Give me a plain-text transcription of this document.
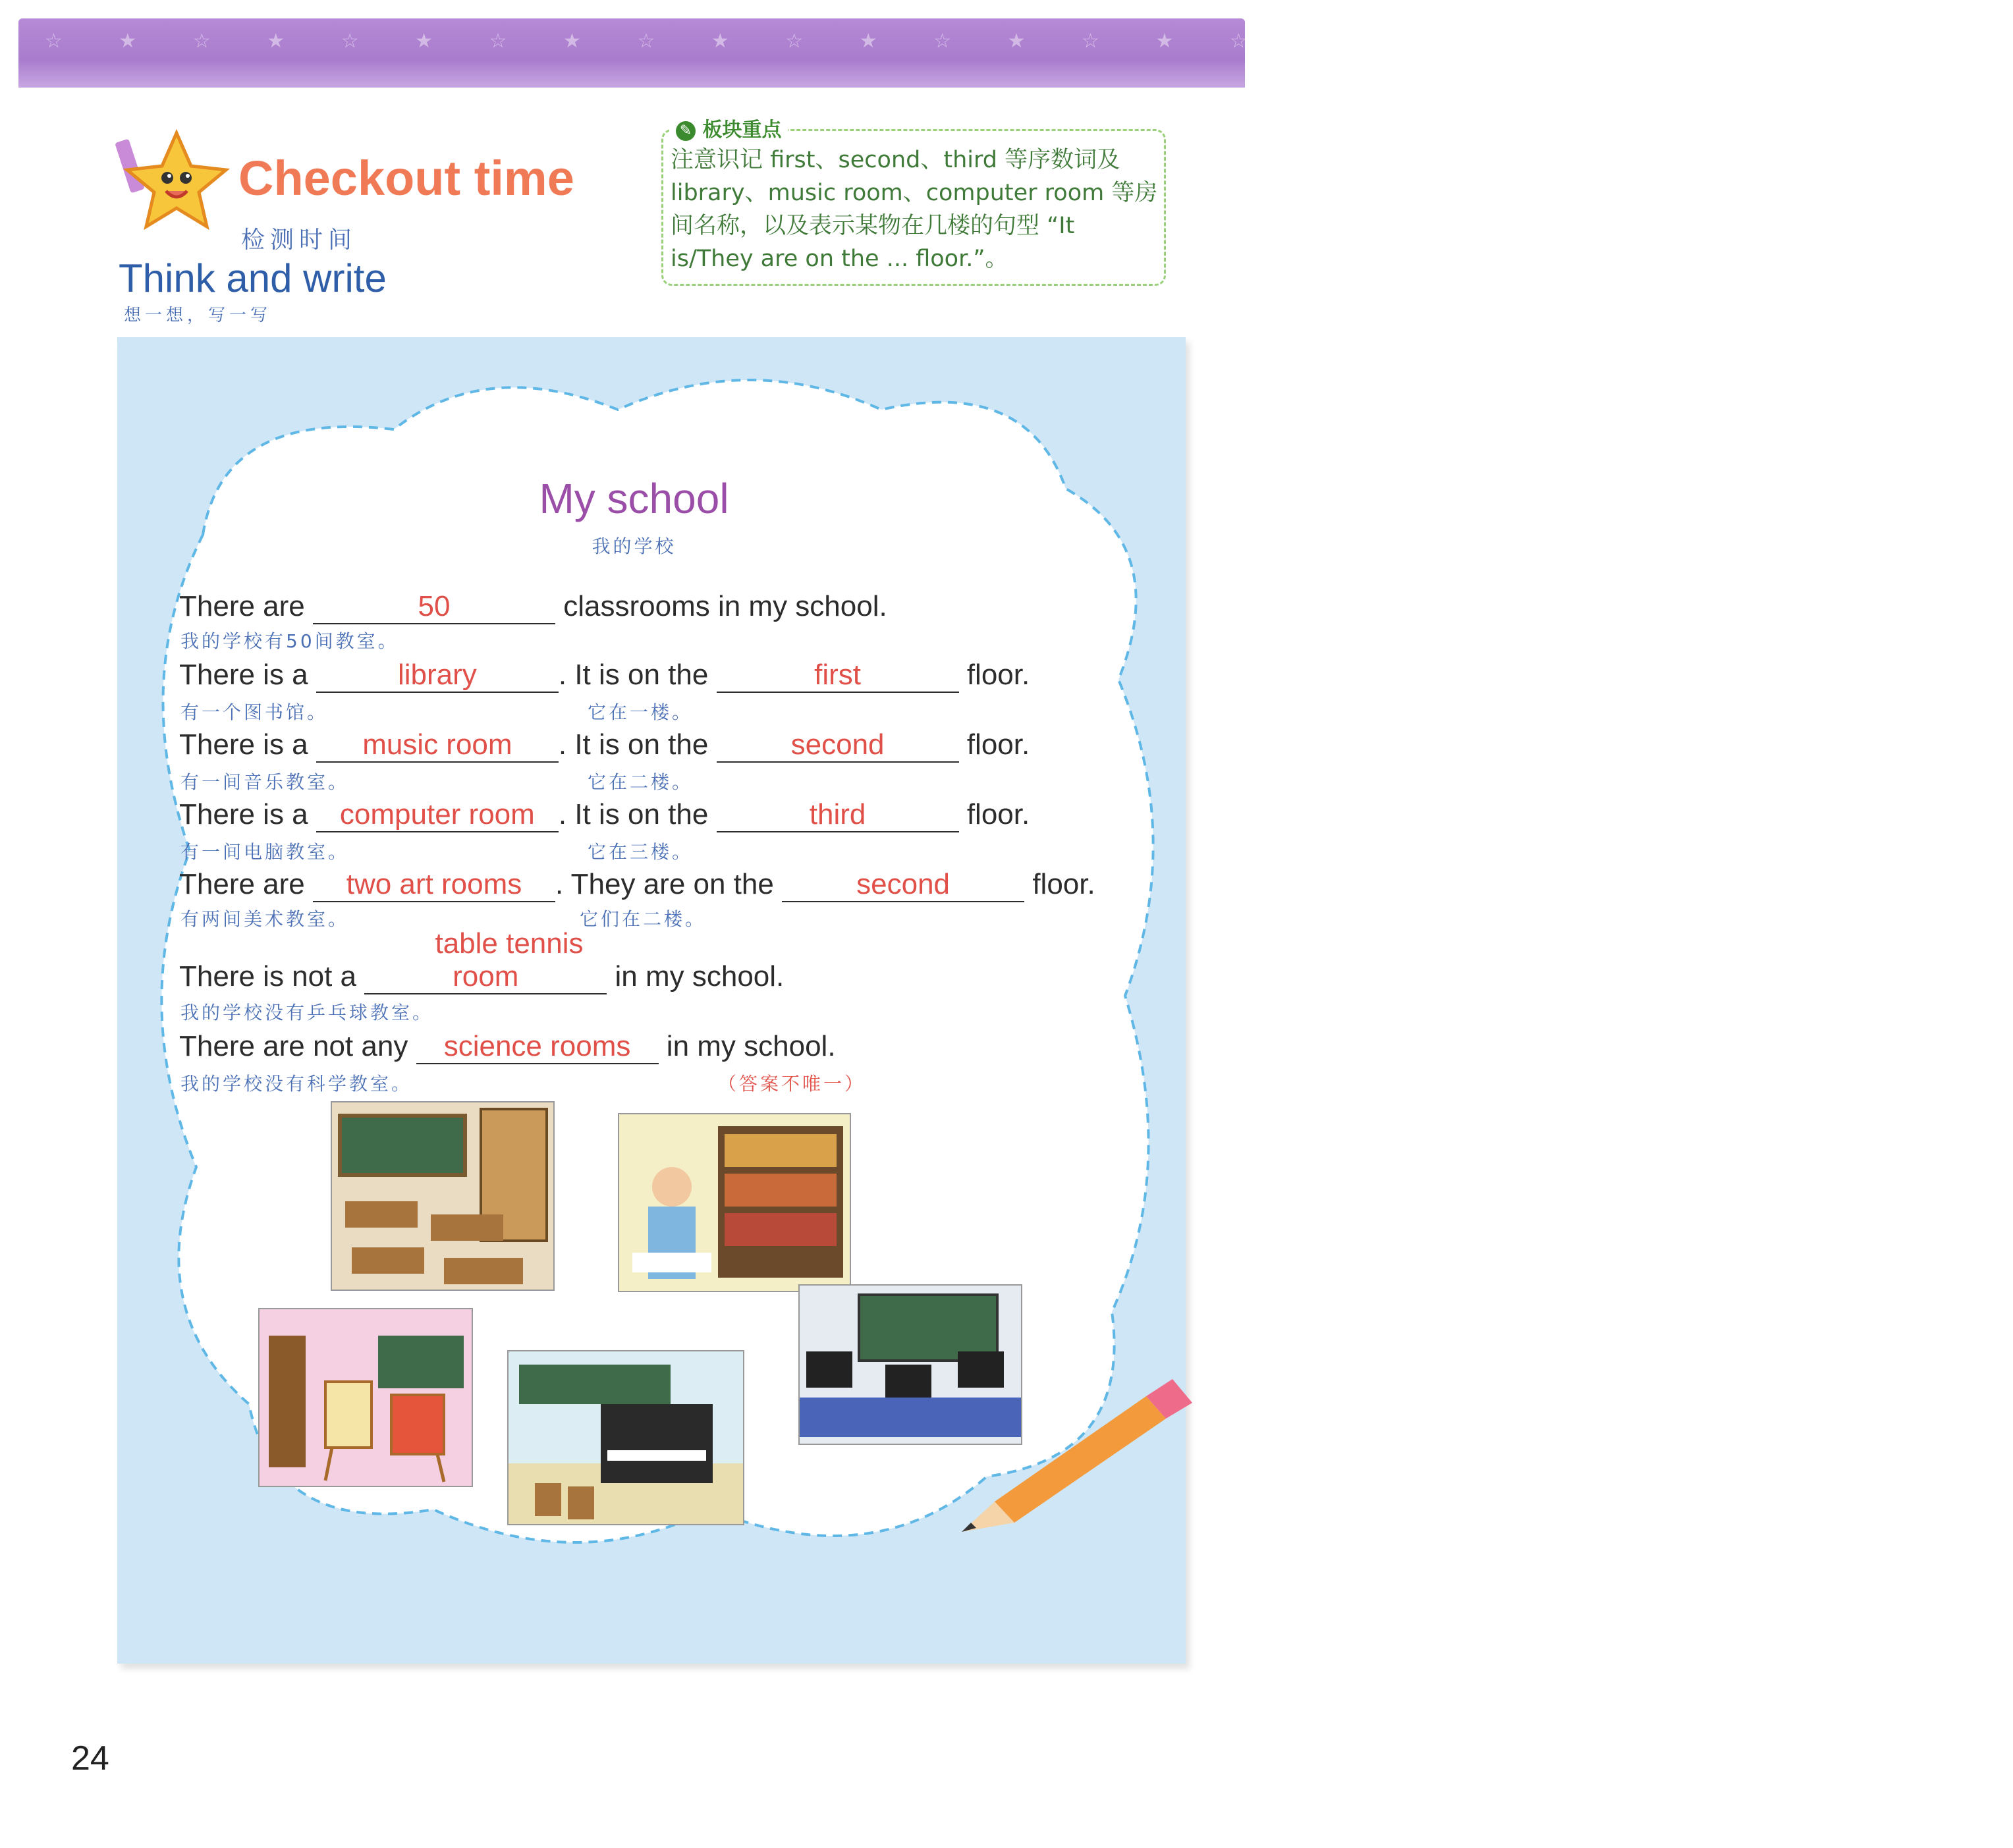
☆ ★ ☆ ★ ☆ ★ ☆ ★ ☆ ★ ☆ ★ ☆ ★ ☆ ★ ☆ ★ ☆ ★ ☆ ★ ☆ ★ ☆ ★ ☆
Checkout time
检测时间
Think and write
想一想，写一写
✎ 板块重点
注意识记 first、second、third 等序数词及 library、music room、computer room 等房间名称，以及表示某物在几楼的句型 “It is/They are on the ... floor.”。
My school
我的学校
There are	50	classrooms in my school.
我的学校有50间教室。
There is a	library	. It is on the	first	floor.
有一个图书馆。	它在一楼。
There is a music room . It is on the	second	floor.
有一间音乐教室。	它在二楼。
There is a computer room . It is on the	third	floor.
有一间电脑教室。	它在三楼。
There are two art rooms . They are on the	second	floor.
有两间美术教室。	它们在二楼。
table tennis
There is not a	room	in my school.
我的学校没有乒乓球教室。
There are not any science rooms in my school.
我的学校没有科学教室。	（答案不唯一）
24
